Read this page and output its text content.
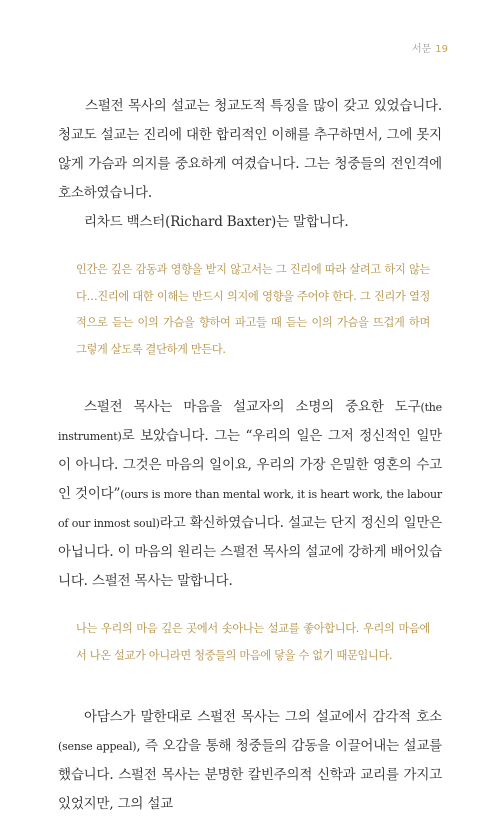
서문 19

스펄전 목사의 설교는 청교도적 특징을 많이 갖고 있었습니다. 청교도 설교는 진리에 대한 합리적인 이해를 추구하면서, 그에 못지않게 가슴과 의지를 중요하게 여겼습니다. 그는 청중들의 전인격에 호소하였습니다.

리차드 백스터(Richard Baxter)는 말합니다.

인간은 깊은 감동과 영향을 받지 않고서는 그 진리에 따라 살려고 하지 않는다…진리에 대한 이해는 반드시 의지에 영향을 주어야 한다. 그 진리가 열정적으로 듣는 이의 가슴을 향하여 파고들 때 듣는 이의 가슴을 뜨겁게 하며 그렇게 살도록 결단하게 만든다.

스펄전 목사는 마음을 설교자의 소명의 중요한 도구(the instrument)로 보았습니다. 그는 “우리의 일은 그저 정신적인 일만이 아니다. 그것은 마음의 일이요, 우리의 가장 은밀한 영혼의 수고인 것이다”(ours is more than mental work, it is heart work, the labour of our inmost soul)라고 확신하였습니다. 설교는 단지 정신의 일만은 아닙니다. 이 마음의 원리는 스펄전 목사의 설교에 강하게 배어있습니다. 스펄전 목사는 말합니다.

나는 우리의 마음 깊은 곳에서 솟아나는 설교를 좋아합니다. 우리의 마음에서 나온 설교가 아니라면 청중들의 마음에 닿을 수 없기 때문입니다.

아담스가 말한대로 스펄전 목사는 그의 설교에서 감각적 호소(sense appeal), 즉 오감을 통해 청중들의 감동을 이끌어내는 설교를 했습니다. 스펄전 목사는 분명한 칼빈주의적 신학과 교리를 가지고 있었지만, 그의 설교
